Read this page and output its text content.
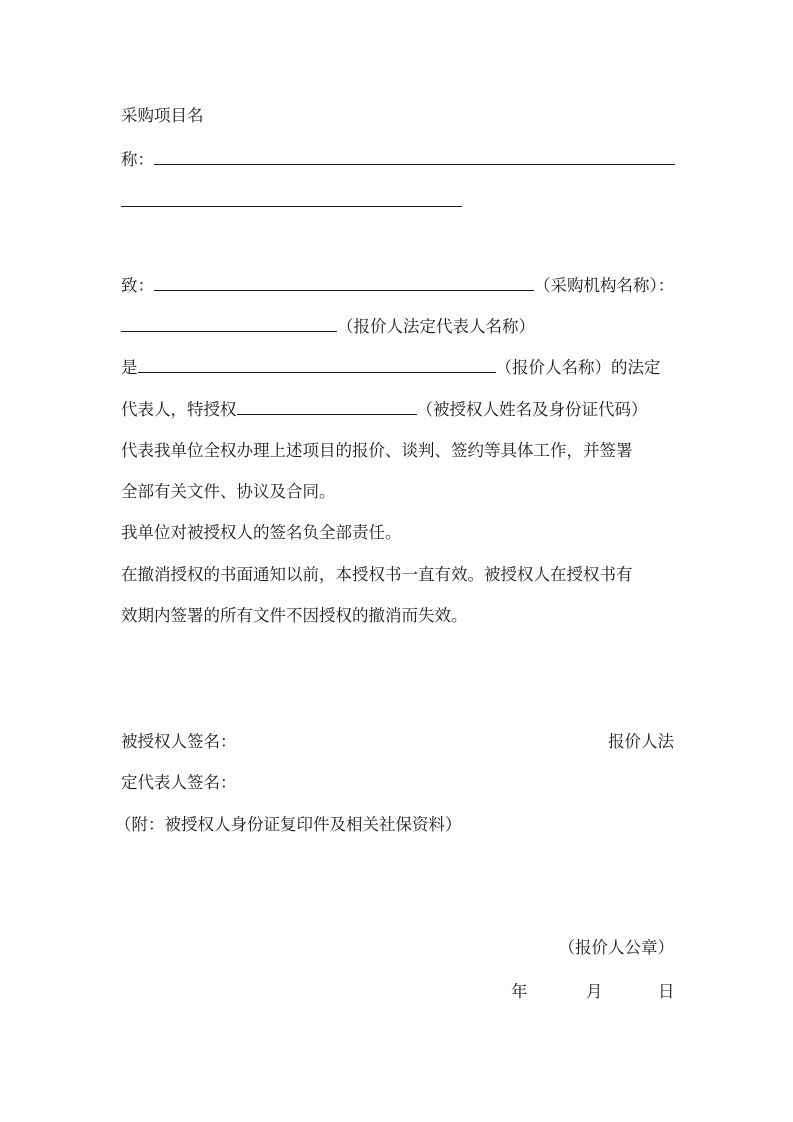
采购项目名
称：
致：	（采购机构名称）：
（报价人法定代表人名称）
是	（报价人名称）的法定
代表人，特授权	（被授权人姓名及身份证代码）
代表我单位全权办理上述项目的报价、谈判、签约等具体工作，并签署
全部有关文件、协议及合同。
我单位对被授权人的签名负全部责任。
在撤消授权的书面通知以前，本授权书一直有效。被授权人在授权书有
效期内签署的所有文件不因授权的撤消而失效。
被授权人签名：	报价人法
定代表人签名：
（附：被授权人身份证复印件及相关社保资料）
（报价人公章）
年	月	日
